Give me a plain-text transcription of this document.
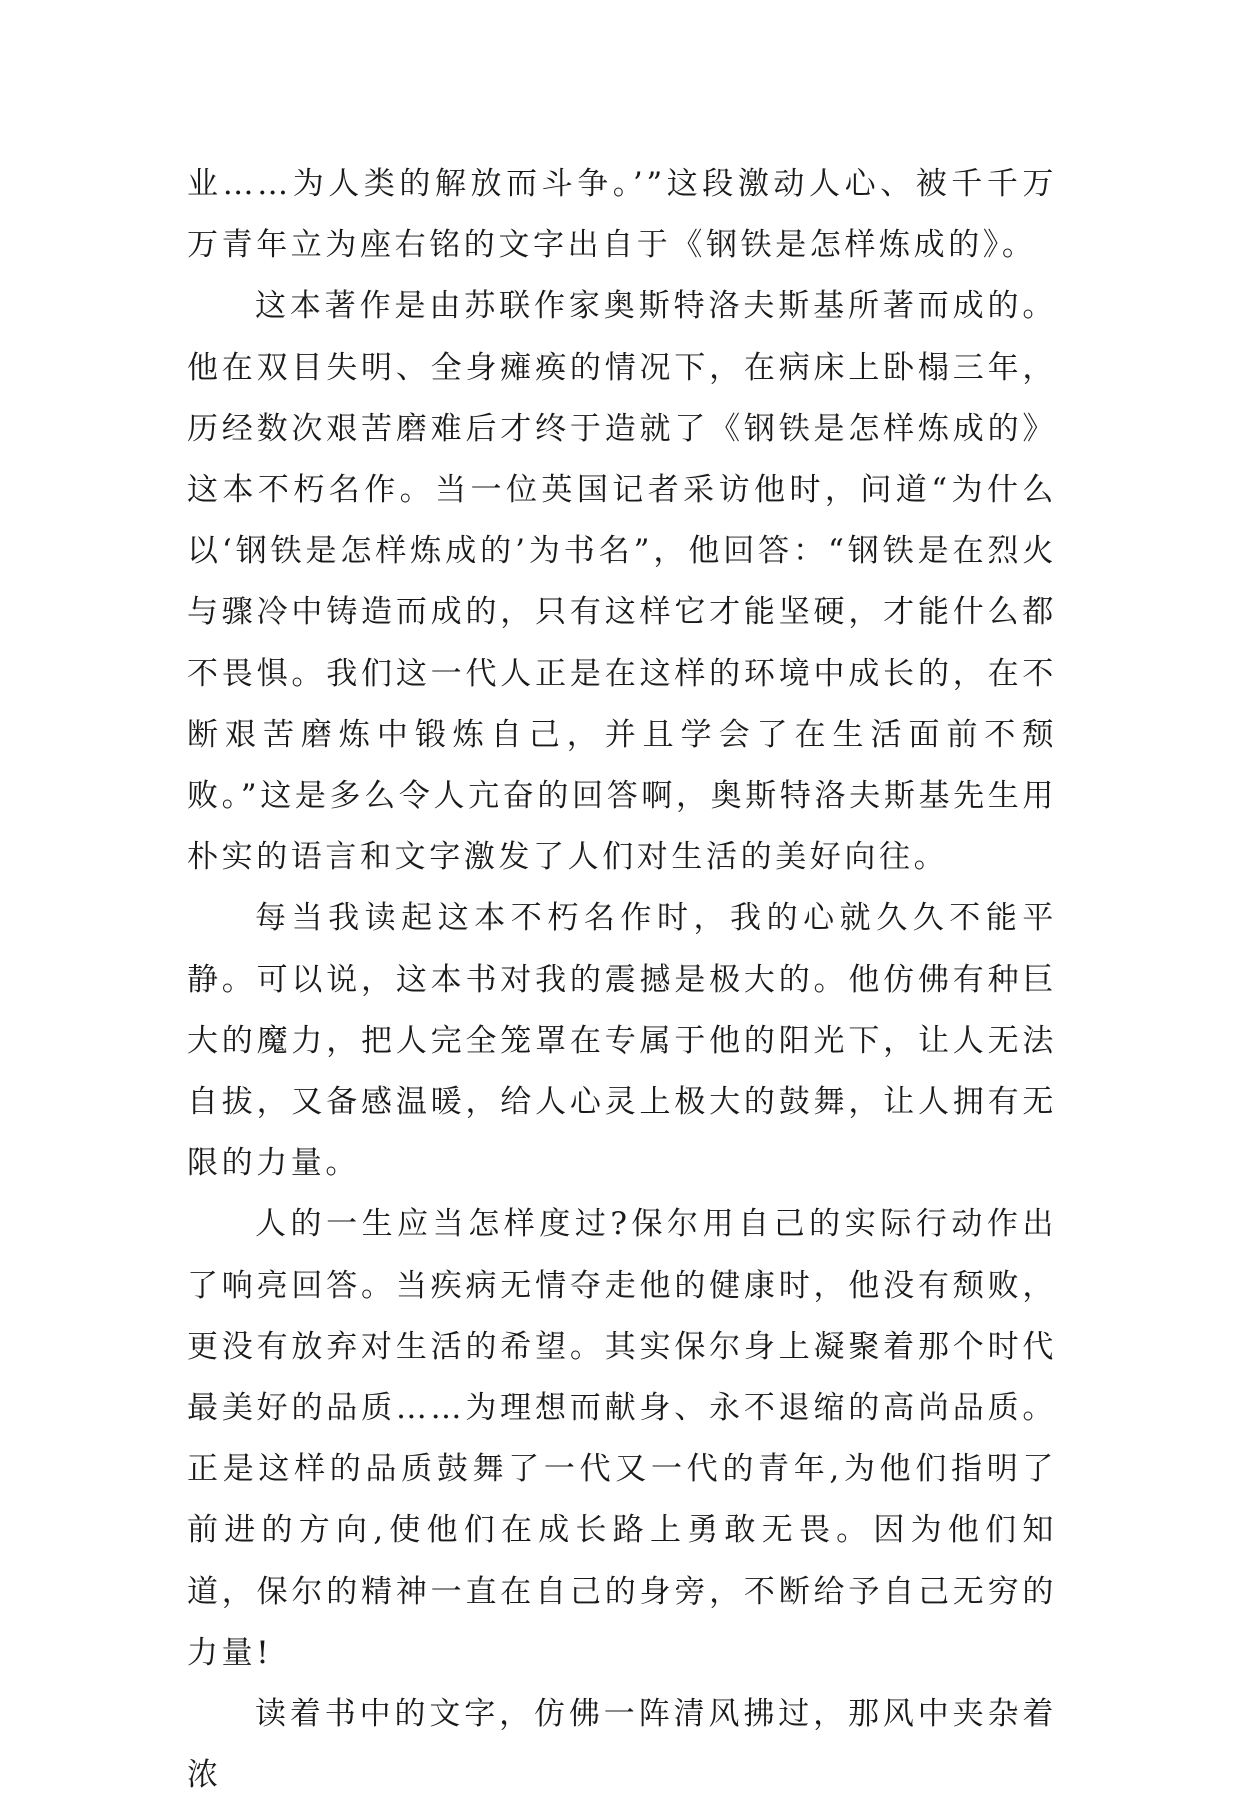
业……为人类的解放而斗争。’”这段激动人心、被千千万万青年立为座右铭的文字出自于《钢铁是怎样炼成的》。

这本著作是由苏联作家奥斯特洛夫斯基所著而成的。他在双目失明、全身瘫痪的情况下，在病床上卧榻三年，历经数次艰苦磨难后才终于造就了《钢铁是怎样炼成的》这本不朽名作。当一位英国记者采访他时，问道“为什么以‘钢铁是怎样炼成的’为书名”，他回答：“钢铁是在烈火与骤冷中铸造而成的，只有这样它才能坚硬，才能什么都不畏惧。我们这一代人正是在这样的环境中成长的，在不断艰苦磨炼中锻炼自己，并且学会了在生活面前不颓败。”这是多么令人亢奋的回答啊，奥斯特洛夫斯基先生用朴实的语言和文字激发了人们对生活的美好向往。

每当我读起这本不朽名作时，我的心就久久不能平静。可以说，这本书对我的震撼是极大的。他仿佛有种巨大的魔力，把人完全笼罩在专属于他的阳光下，让人无法自拔，又备感温暖，给人心灵上极大的鼓舞，让人拥有无限的力量。

人的一生应当怎样度过?保尔用自己的实际行动作出了响亮回答。当疾病无情夺走他的健康时，他没有颓败，更没有放弃对生活的希望。其实保尔身上凝聚着那个时代最美好的品质……为理想而献身、永不退缩的高尚品质。正是这样的品质鼓舞了一代又一代的青年,为他们指明了前进的方向,使他们在成长路上勇敢无畏。因为他们知道，保尔的精神一直在自己的身旁，不断给予自己无穷的力量!

读着书中的文字，仿佛一阵清风拂过，那风中夹杂着浓
